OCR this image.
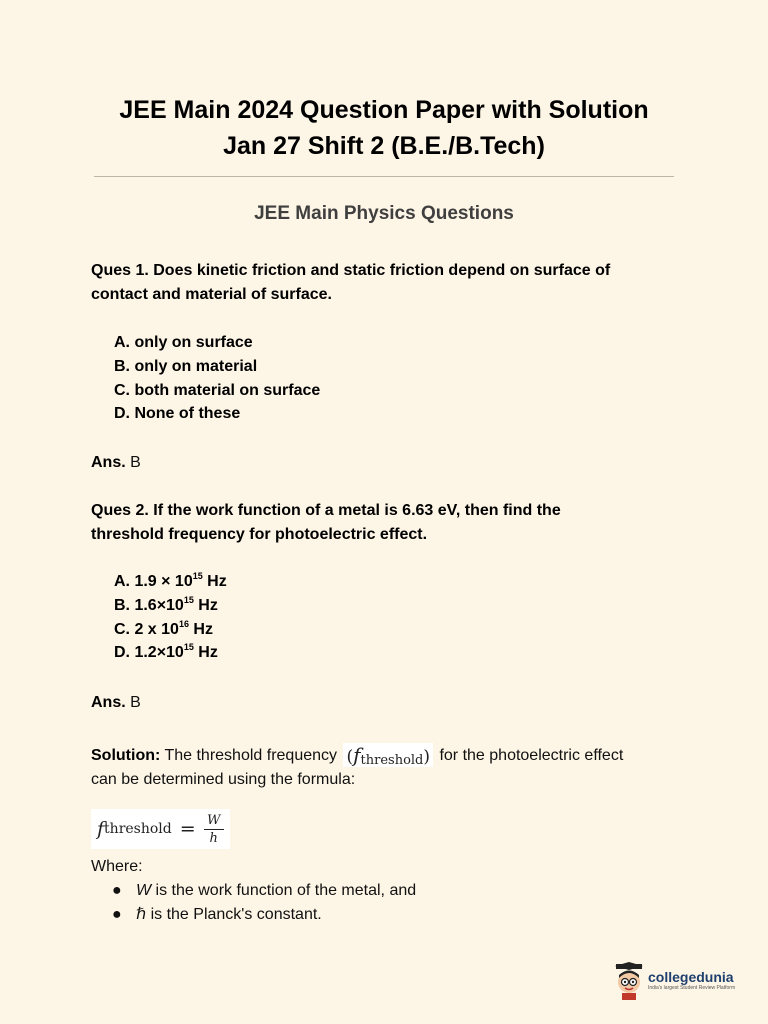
JEE Main 2024 Question Paper with Solution
Jan 27 Shift 2 (B.E./B.Tech)
JEE Main Physics Questions
Ques 1. Does kinetic friction and static friction depend on surface of
contact and material of surface.
A. only on surface
B. only on material
C. both material on surface
D. None of these
Ans. B
Ques 2. If the work function of a metal is 6.63 eV, then find the
threshold frequency for photoelectric effect.
A. $1.9 \times 10^{15}$ Hz
B. $1.6\times 10^{15}$ Hz
C. 2 x $10^{16}$ Hz
D. $1.2\times 10^{15}$ Hz
Ans. B
Solution: The threshold frequency (fthreshold) for the photoelectric effect
can be determined using the formula:
f threshold = $\frac{W}{h}$
Where:
● W is the work function of the metal, and
● ℏ is the Planck's constant.
collegedunia
India's largest Student Review Platform
